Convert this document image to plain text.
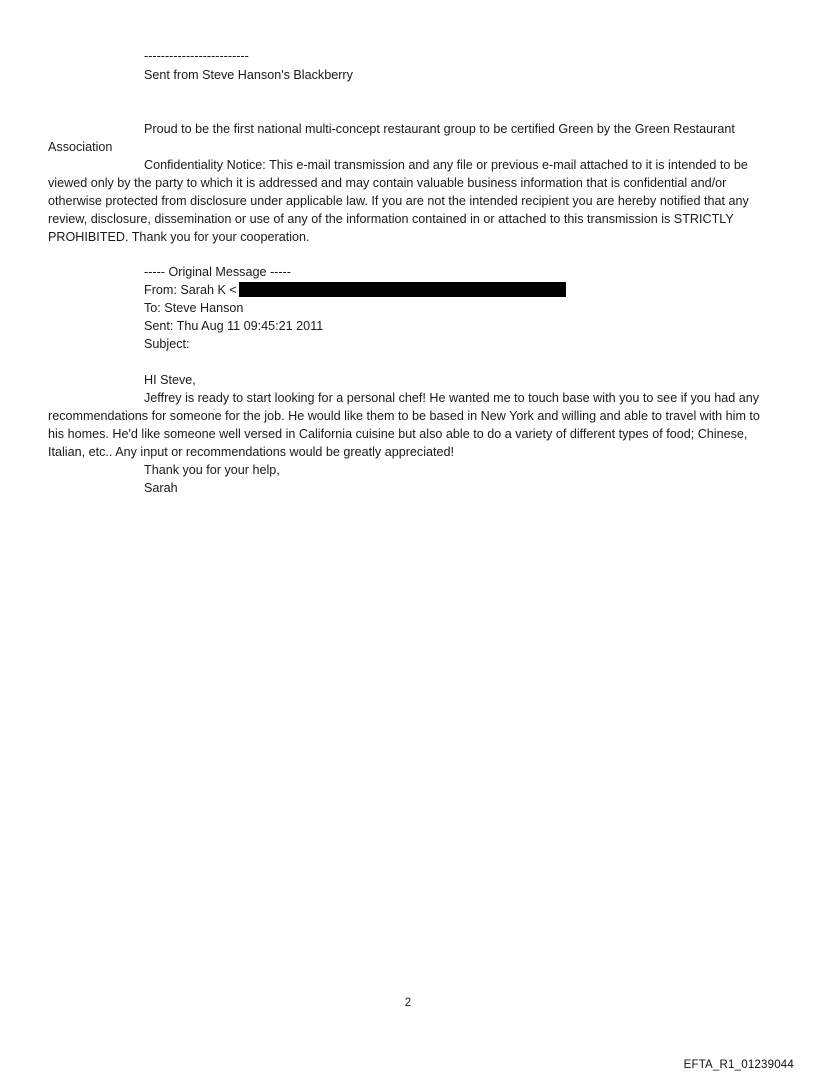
-------------------------
Sent from Steve Hanson's Blackberry
Proud to be the first national multi-concept restaurant group to be certified Green by the Green Restaurant Association
Confidentiality Notice: This e-mail transmission and any file or previous e-mail attached to it is intended to be viewed only by the party to which it is addressed and may contain valuable business information that is confidential and/or otherwise protected from disclosure under applicable law. If you are not the intended recipient you are hereby notified that any review, disclosure, dissemination or use of any of the information contained in or attached to this transmission is STRICTLY PROHIBITED. Thank you for your cooperation.
----- Original Message -----
From: Sarah K <
To: Steve Hanson
Sent: Thu Aug 11 09:45:21 2011
Subject:
HI Steve,
Jeffrey is ready to start looking for a personal chef! He wanted me to touch base with you to see if you had any recommendations for someone for the job. He would like them to be based in New York and willing and able to travel with him to his homes. He'd like someone well versed in California cuisine but also able to do a variety of different types of food; Chinese, Italian, etc.. Any input or recommendations would be greatly appreciated!
Thank you for your help,
Sarah
2
EFTA_R1_01239044
